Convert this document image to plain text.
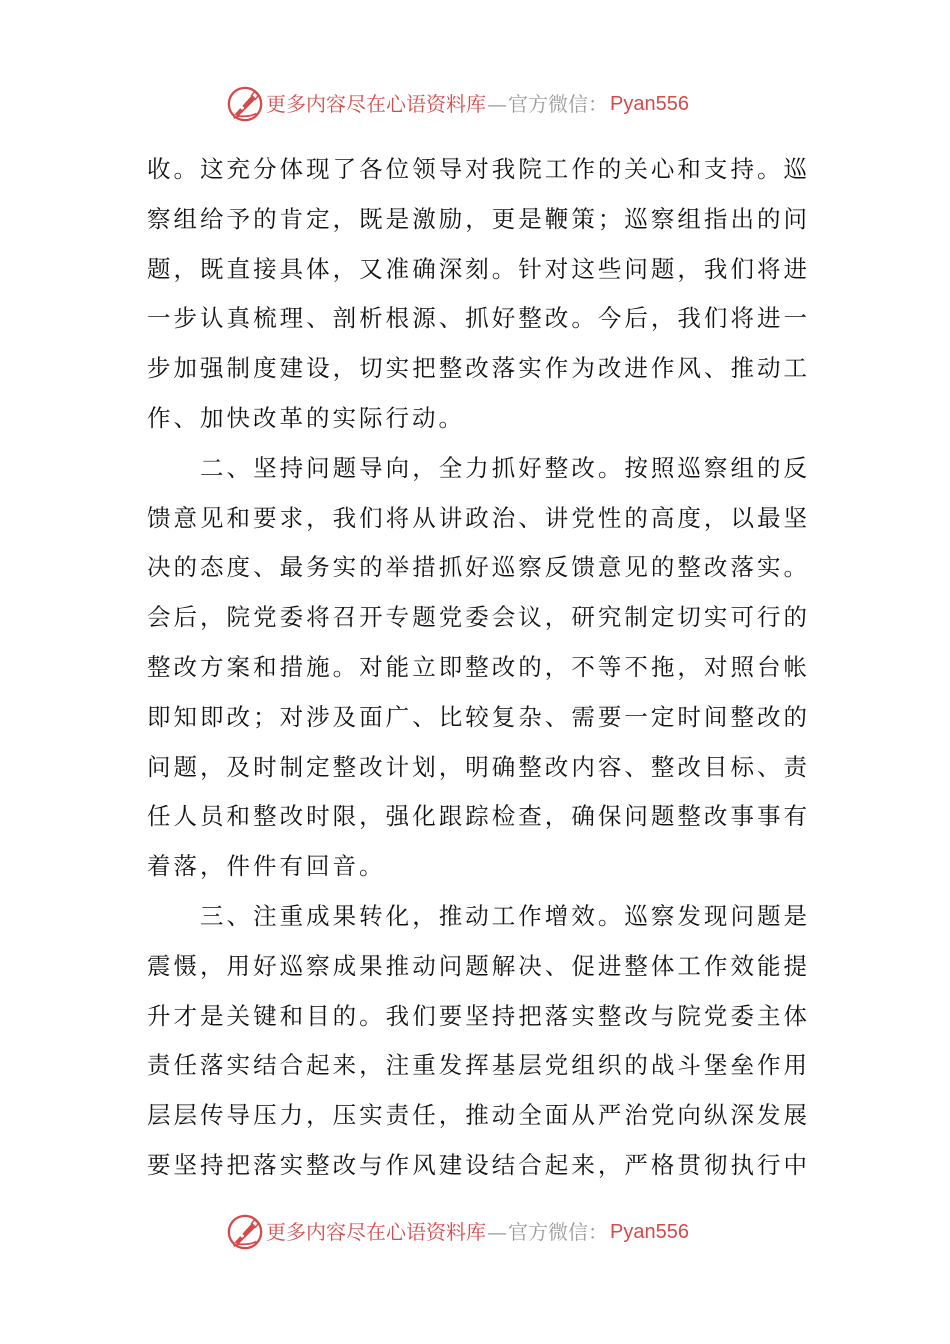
更多内容尽在心语资料库 — 官方微信： Pyan556
收。这充分体现了各位领导对我院工作的关心和支持。巡
察组给予的肯定，既是激励，更是鞭策；巡察组指出的问
题，既直接具体，又准确深刻。针对这些问题，我们将进
一步认真梳理、剖析根源、抓好整改。今后，我们将进一
步加强制度建设，切实把整改落实作为改进作风、推动工
作、加快改革的实际行动。
　　二、坚持问题导向，全力抓好整改。按照巡察组的反
馈意见和要求，我们将从讲政治、讲党性的高度，以最坚
决的态度、最务实的举措抓好巡察反馈意见的整改落实。
会后，院党委将召开专题党委会议，研究制定切实可行的
整改方案和措施。对能立即整改的，不等不拖，对照台帐
即知即改；对涉及面广、比较复杂、需要一定时间整改的
问题，及时制定整改计划，明确整改内容、整改目标、责
任人员和整改时限，强化跟踪检查，确保问题整改事事有
着落，件件有回音。
　　三、注重成果转化，推动工作增效。巡察发现问题是
震慑，用好巡察成果推动问题解决、促进整体工作效能提
升才是关键和目的。我们要坚持把落实整改与院党委主体
责任落实结合起来，注重发挥基层党组织的战斗堡垒作用
层层传导压力，压实责任，推动全面从严治党向纵深发展
要坚持把落实整改与作风建设结合起来，严格贯彻执行中
更多内容尽在心语资料库 — 官方微信： Pyan556
